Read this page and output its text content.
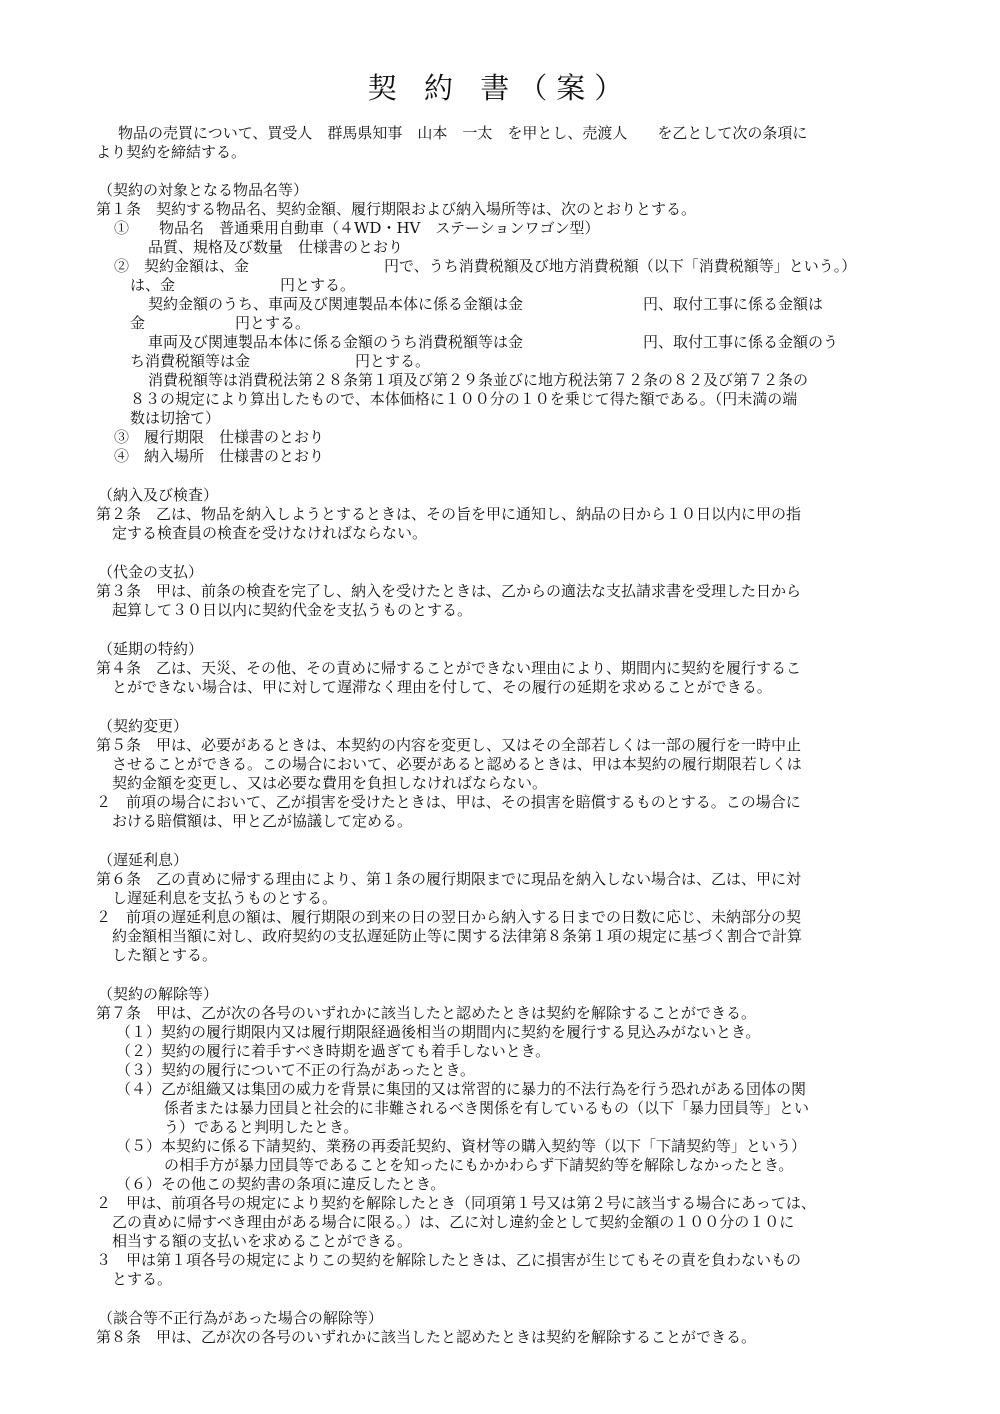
契 約 書（案）
物品の売買について、買受人　群馬県知事　山本　一太　を甲とし、売渡人　　を乙として次の条項に
より契約を締結する。
（契約の対象となる物品名等）
第１条　契約する物品名、契約金額、履行期限および納入場所等は、次のとおりとする。
①　　物品名　普通乗用自動車（４WD・HV　ステーションワゴン型）
品質、規格及び数量　仕様書のとおり
②　契約金額は、金　　　　　　　　　円で、うち消費税額及び地方消費税額（以下「消費税額等」という。）
は、金　　　　　　　円とする。
契約金額のうち、車両及び関連製品本体に係る金額は金　　　　　　　　円、取付工事に係る金額は
金　　　　　　円とする。
車両及び関連製品本体に係る金額のうち消費税額等は金　　　　　　　　円、取付工事に係る金額のう
ち消費税額等は金　　　　　　　円とする。
消費税額等は消費税法第２８条第１項及び第２９条並びに地方税法第７２条の８２及び第７２条の
８３の規定により算出したもので、本体価格に１００分の１０を乗じて得た額である。（円未満の端
数は切捨て）
③　履行期限　仕様書のとおり
④　納入場所　仕様書のとおり
（納入及び検査）
第２条　乙は、物品を納入しようとするときは、その旨を甲に通知し、納品の日から１０日以内に甲の指
定する検査員の検査を受けなければならない。
（代金の支払）
第３条　甲は、前条の検査を完了し、納入を受けたときは、乙からの適法な支払請求書を受理した日から
起算して３０日以内に契約代金を支払うものとする。
（延期の特約）
第４条　乙は、天災、その他、その責めに帰することができない理由により、期間内に契約を履行するこ
とができない場合は、甲に対して遅滞なく理由を付して、その履行の延期を求めることができる。
（契約変更）
第５条　甲は、必要があるときは、本契約の内容を変更し、又はその全部若しくは一部の履行を一時中止
させることができる。この場合において、必要があると認めるときは、甲は本契約の履行期限若しくは
契約金額を変更し、又は必要な費用を負担しなければならない。
２　前項の場合において、乙が損害を受けたときは、甲は、その損害を賠償するものとする。この場合に
おける賠償額は、甲と乙が協議して定める。
（遅延利息）
第６条　乙の責めに帰する理由により、第１条の履行期限までに現品を納入しない場合は、乙は、甲に対
し遅延利息を支払うものとする。
２　前項の遅延利息の額は、履行期限の到来の日の翌日から納入する日までの日数に応じ、未納部分の契
約金額相当額に対し、政府契約の支払遅延防止等に関する法律第８条第１項の規定に基づく割合で計算
した額とする。
（契約の解除等）
第７条　甲は、乙が次の各号のいずれかに該当したと認めたときは契約を解除することができる。
（１）契約の履行期限内又は履行期限経過後相当の期間内に契約を履行する見込みがないとき。
（２）契約の履行に着手すべき時期を過ぎても着手しないとき。
（３）契約の履行について不正の行為があったとき。
（４）乙が組織又は集団の威力を背景に集団的又は常習的に暴力的不法行為を行う恐れがある団体の関
係者または暴力団員と社会的に非難されるべき関係を有しているもの（以下「暴力団員等」とい
う）であると判明したとき。
（５）本契約に係る下請契約、業務の再委託契約、資材等の購入契約等（以下「下請契約等」という）
の相手方が暴力団員等であることを知ったにもかかわらず下請契約等を解除しなかったとき。
（６）その他この契約書の条項に違反したとき。
２　甲は、前項各号の規定により契約を解除したとき（同項第１号又は第２号に該当する場合にあっては、
乙の責めに帰すべき理由がある場合に限る。）は、乙に対し違約金として契約金額の１００分の１０に
相当する額の支払いを求めることができる。
３　甲は第１項各号の規定によりこの契約を解除したときは、乙に損害が生じてもその責を負わないもの
とする。
（談合等不正行為があった場合の解除等）
第８条　甲は、乙が次の各号のいずれかに該当したと認めたときは契約を解除することができる。
